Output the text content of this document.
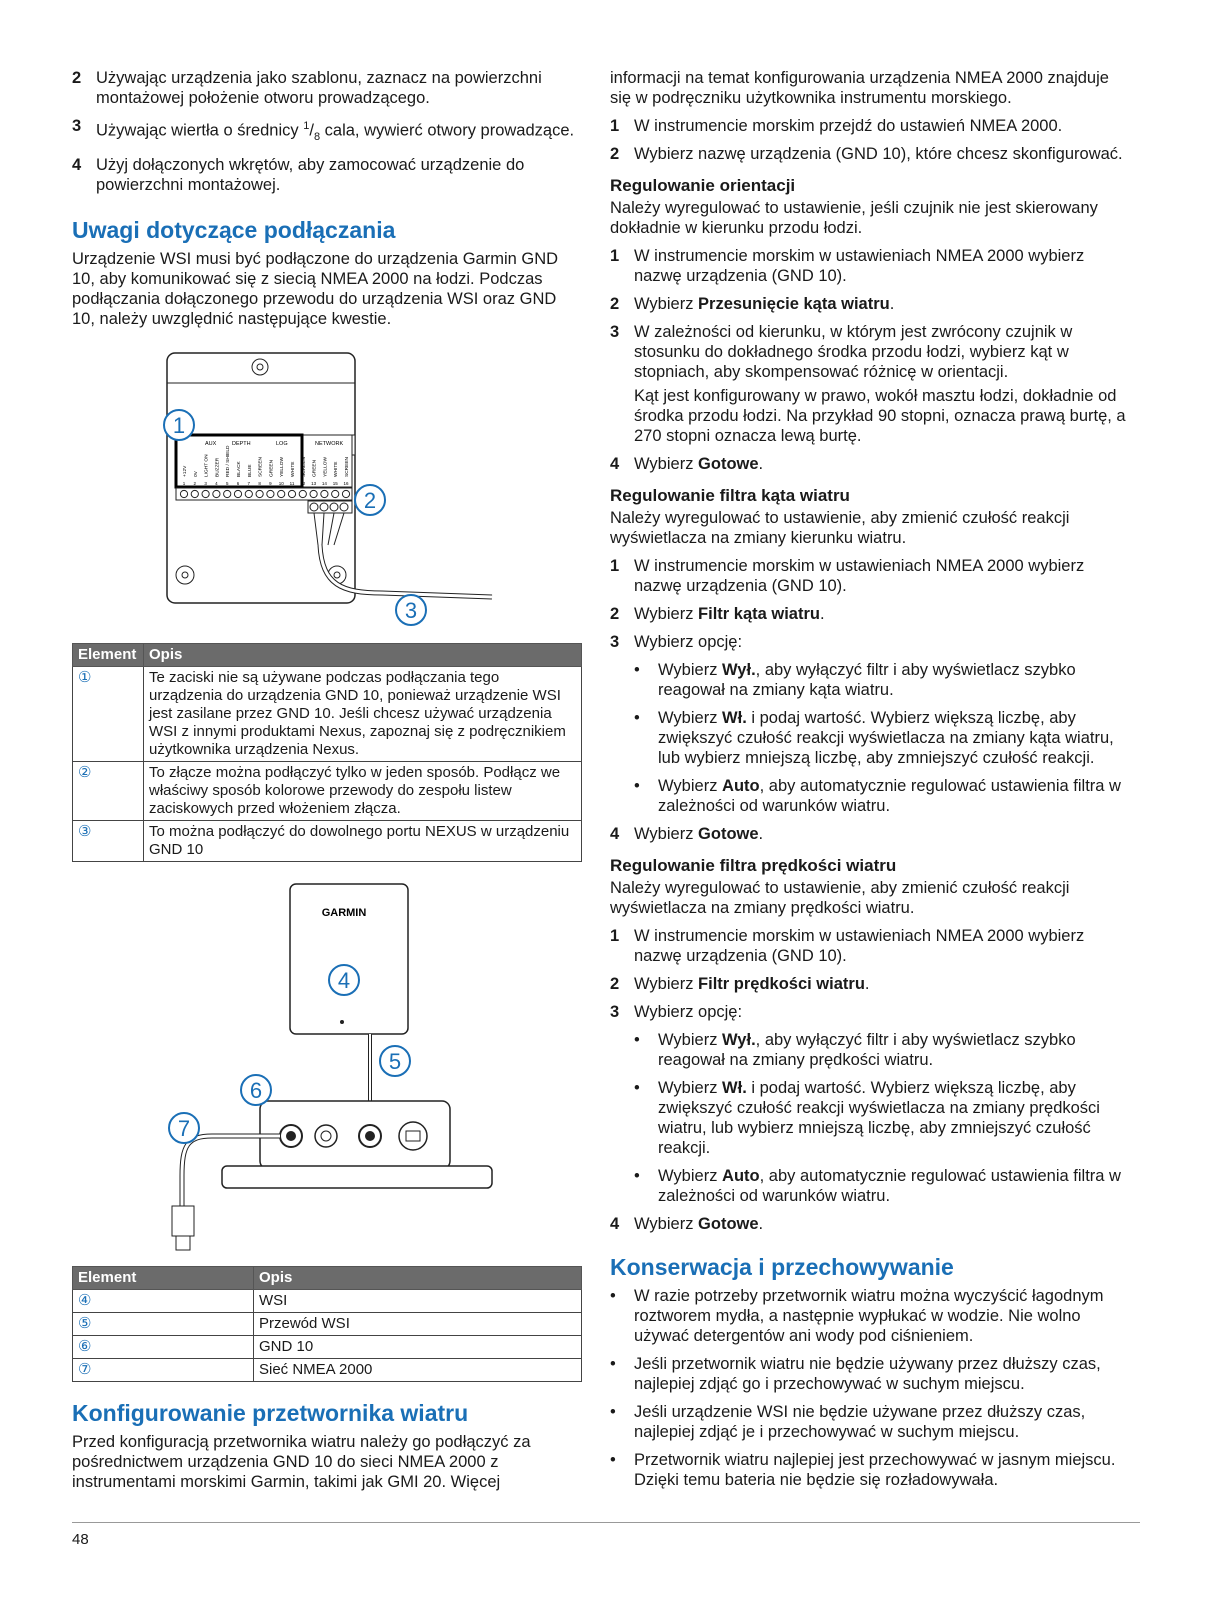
2 Używając urządzenia jako szablonu, zaznacz na powierzchni montażowej położenie otworu prowadzącego.
3 Używając wiertła o średnicy $^1/_8$ cala, wywierć otwory prowadzące.
4 Użyj dołączonych wkrętów, aby zamocować urządzenie do powierzchni montażowej.
Uwagi dotyczące podłączania

Urządzenie WSI musi być podłączone do urządzenia Garmin GND 10, aby komunikować się z siecią NMEA 2000 na łodzi. Podczas podłączania dołączonego przewodu do urządzenia WSI oraz GND 10, należy uwzględnić następujące kwestie.

AUX	DEPTH	LOG	NETWORK
+12V
1
0V
2
LIGHT ON
3
BUZZER
4
RED / SHIELD
5
BLACK
6
BLUE
7
SCREEN
8
GREEN
9
YELLOW
10
WHITE
11
SCREEN
12
GREEN
13
YELLOW
14
WHITE
15
SCREEN
16
1
2
3
Element	Opis
①	Te zaciski nie są używane podczas podłączania tego urządzenia do urządzenia GND 10, ponieważ urządzenie WSI jest zasilane przez GND 10. Jeśli chcesz używać urządzenia WSI z innymi produktami Nexus, zapoznaj się z podręcznikiem użytkownika urządzenia Nexus.
②	To złącze można podłączyć tylko w jeden sposób. Podłącz we właściwy sposób kolorowe przewody do zespołu listew zaciskowych przed włożeniem złącza.
③	To można podłączyć do dowolnego portu NEXUS w urządzeniu GND 10
GARMIN
4
5
6
7
Element	Opis
④	WSI
⑤	Przewód WSI
⑥	GND 10
⑦	Sieć NMEA 2000
Konfigurowanie przetwornika wiatru

Przed konfiguracją przetwornika wiatru należy go podłączyć za pośrednictwem urządzenia GND 10 do sieci NMEA 2000 z instrumentami morskimi Garmin, takimi jak GMI 20. Więcej

informacji na temat konfigurowania urządzenia NMEA 2000 znajduje się w podręczniku użytkownika instrumentu morskiego.

1 W instrumencie morskim przejdź do ustawień NMEA 2000.
2 Wybierz nazwę urządzenia (GND 10), które chcesz skonfigurować.
Regulowanie orientacji

Należy wyregulować to ustawienie, jeśli czujnik nie jest skierowany dokładnie w kierunku przodu łodzi.

1 W instrumencie morskim w ustawieniach NMEA 2000 wybierz nazwę urządzenia (GND 10).
2 Wybierz Przesunięcie kąta wiatru.
3 W zależności od kierunku, w którym jest zwrócony czujnik w stosunku do dokładnego środka przodu łodzi, wybierz kąt w stopniach, aby skompensować różnicę w orientacji.

Kąt jest konfigurowany w prawo, wokół masztu łodzi, dokładnie od środka przodu łodzi. Na przykład 90 stopni, oznacza prawą burtę, a 270 stopni oznacza lewą burtę.

4 Wybierz Gotowe.
Regulowanie filtra kąta wiatru

Należy wyregulować to ustawienie, aby zmienić czułość reakcji wyświetlacza na zmiany kierunku wiatru.

1 W instrumencie morskim w ustawieniach NMEA 2000 wybierz nazwę urządzenia (GND 10).
2 Wybierz Filtr kąta wiatru.
3 Wybierz opcję:
•	Wybierz Wył., aby wyłączyć filtr i aby wyświetlacz szybko reagował na zmiany kąta wiatru.
•	Wybierz Wł. i podaj wartość. Wybierz większą liczbę, aby zwiększyć czułość reakcji wyświetlacza na zmiany kąta wiatru, lub wybierz mniejszą liczbę, aby zmniejszyć czułość reakcji.
•	Wybierz Auto, aby automatycznie regulować ustawienia filtra w zależności od warunków wiatru.
4 Wybierz Gotowe.
Regulowanie filtra prędkości wiatru

Należy wyregulować to ustawienie, aby zmienić czułość reakcji wyświetlacza na zmiany prędkości wiatru.

1 W instrumencie morskim w ustawieniach NMEA 2000 wybierz nazwę urządzenia (GND 10).
2 Wybierz Filtr prędkości wiatru.
3 Wybierz opcję:
•	Wybierz Wył., aby wyłączyć filtr i aby wyświetlacz szybko reagował na zmiany prędkości wiatru.
•	Wybierz Wł. i podaj wartość. Wybierz większą liczbę, aby zwiększyć czułość reakcji wyświetlacza na zmiany prędkości wiatru, lub wybierz mniejszą liczbę, aby zmniejszyć czułość reakcji.
•	Wybierz Auto, aby automatycznie regulować ustawienia filtra w zależności od warunków wiatru.
4 Wybierz Gotowe.
Konserwacja i przechowywanie
•	W razie potrzeby przetwornik wiatru można wyczyścić łagodnym roztworem mydła, a następnie wypłukać w wodzie. Nie wolno używać detergentów ani wody pod ciśnieniem.
•	Jeśli przetwornik wiatru nie będzie używany przez dłuższy czas, najlepiej zdjąć go i przechowywać w suchym miejscu.
•	Jeśli urządzenie WSI nie będzie używane przez dłuższy czas, najlepiej zdjąć je i przechowywać w suchym miejscu.
•	Przetwornik wiatru najlepiej jest przechowywać w jasnym miejscu. Dzięki temu bateria nie będzie się rozładowywała.
48
